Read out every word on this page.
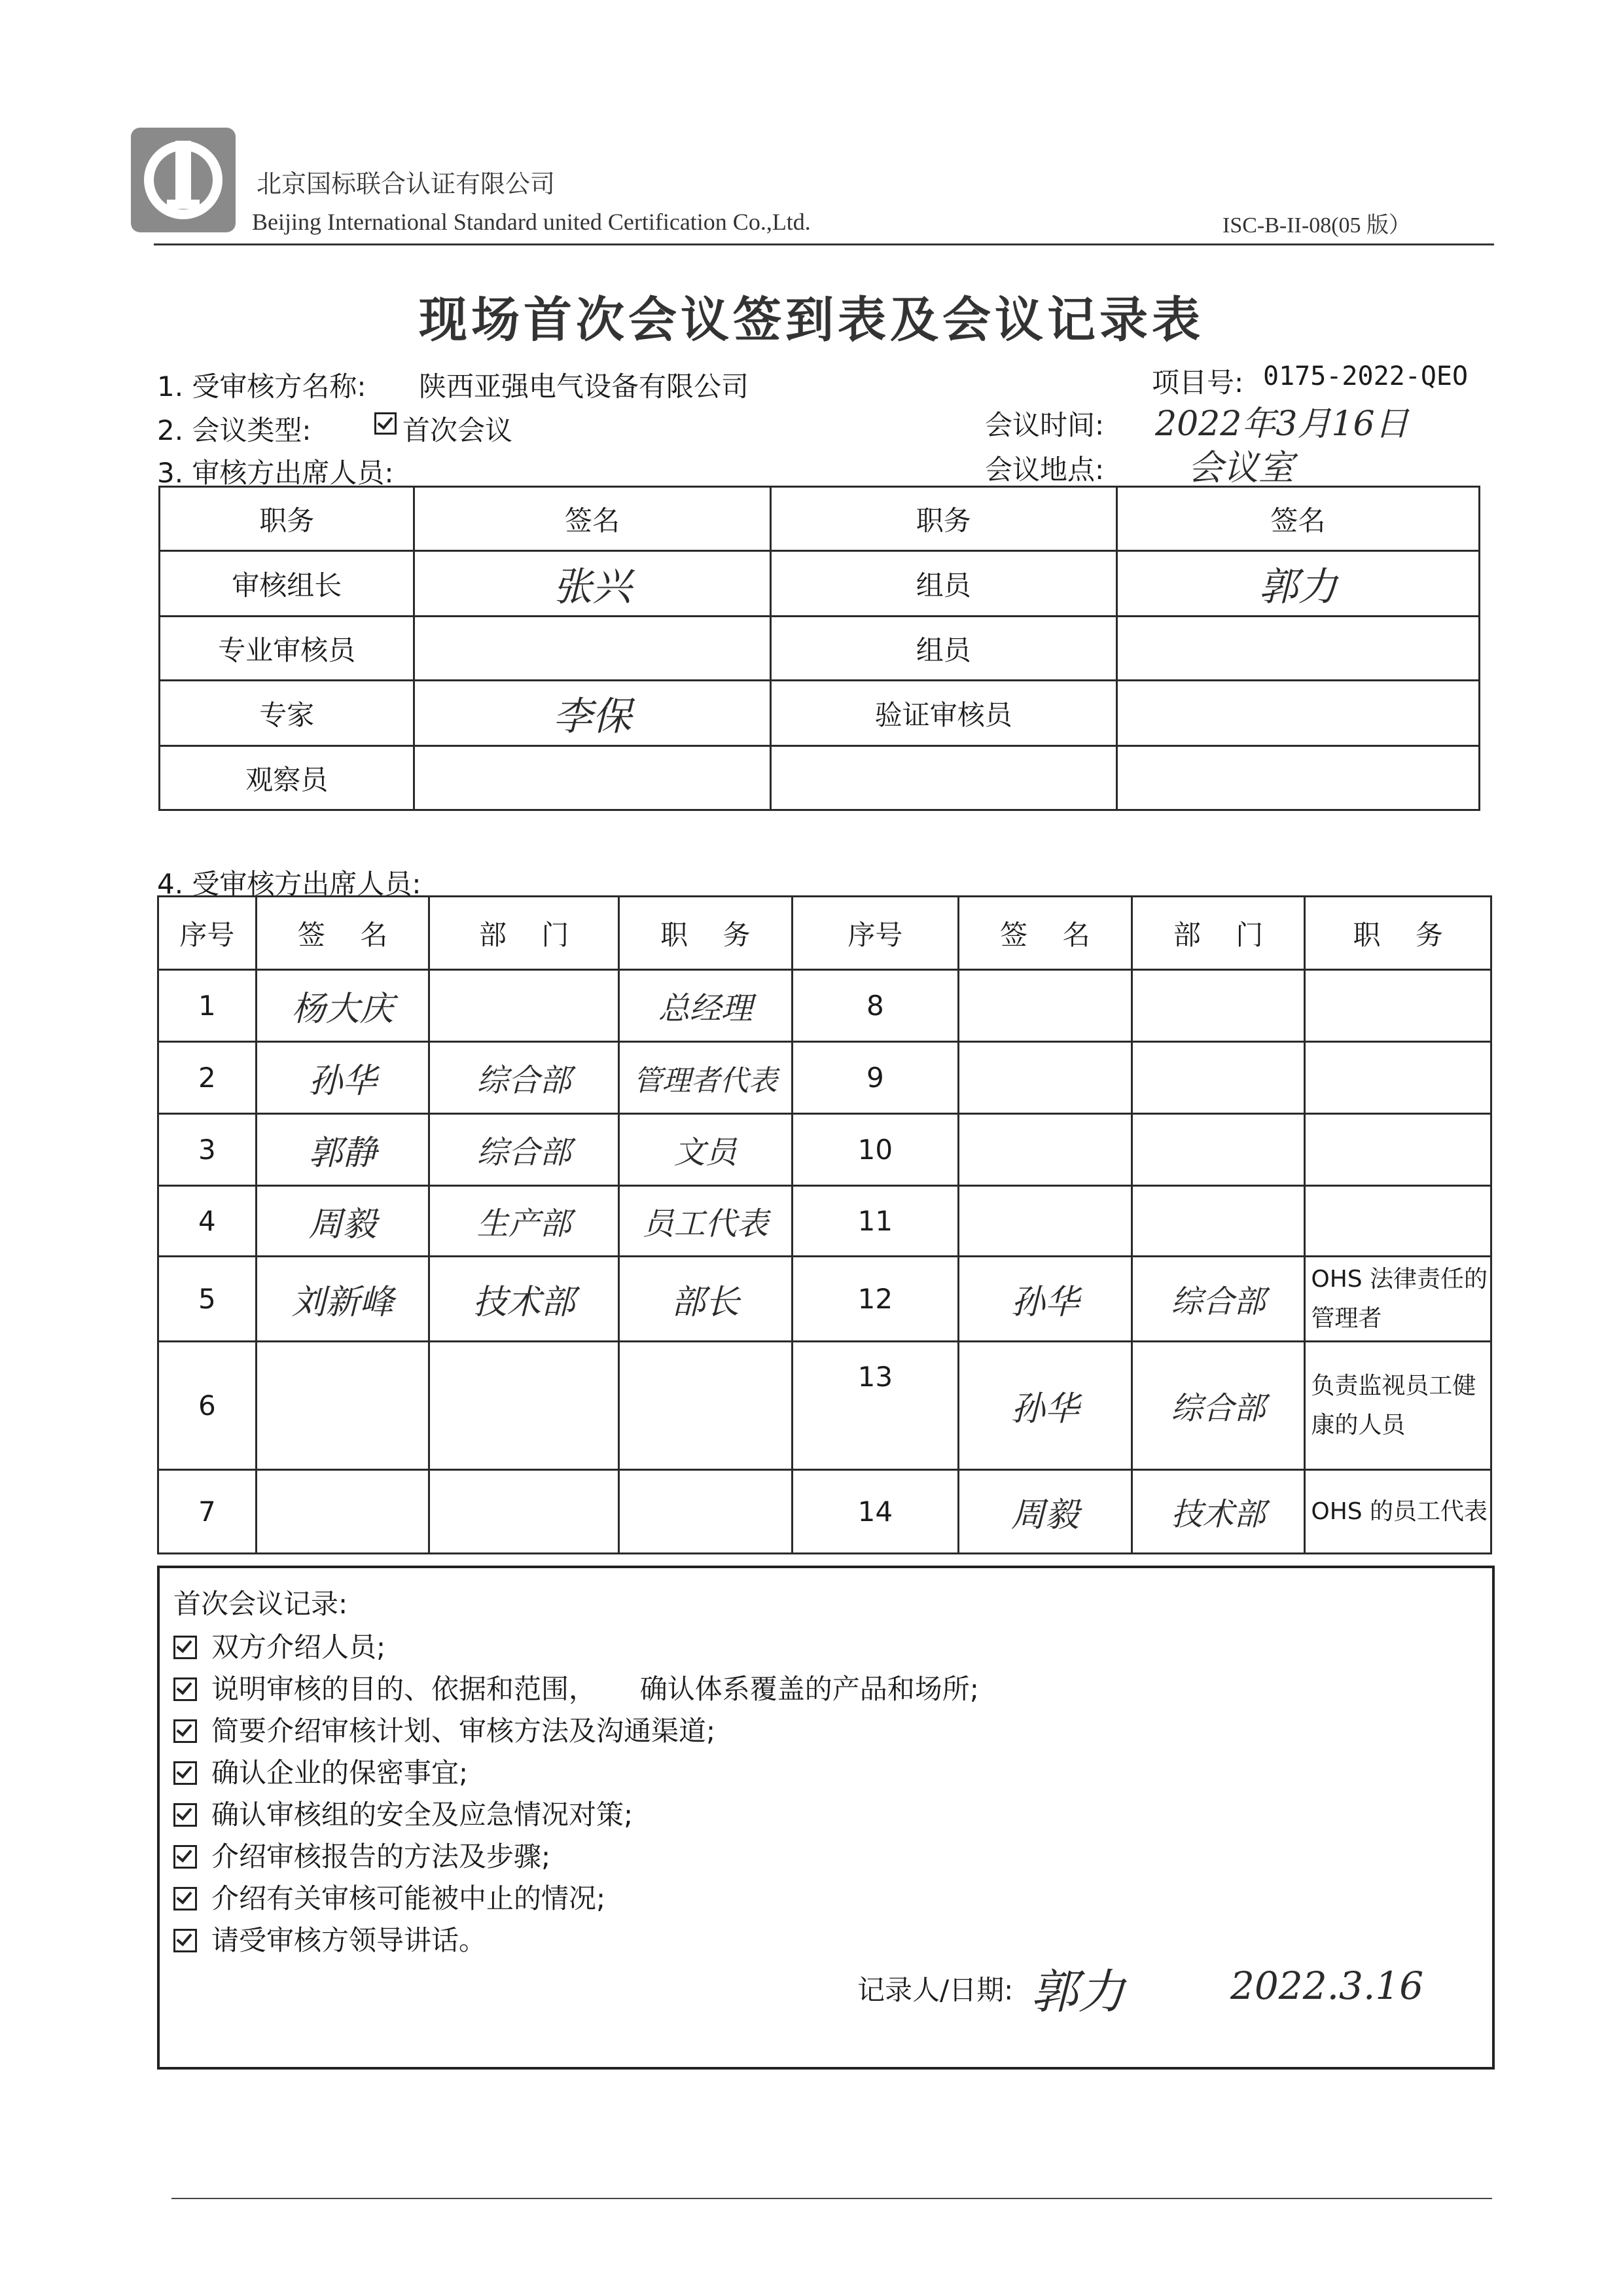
北京国标联合认证有限公司
Beijing International Standard united Certification Co.,Ltd.	ISC-B-II-08(05 版）
现场首次会议签到表及会议记录表
1. 受审核方名称: 陕西亚强电气设备有限公司	项目号: 0175-2022-QEO
2. 会议类型:	首次会议	会议时间: 2022年3月16日
3. 审核方出席人员:	会议地点: 会议室
职务	签名	职务	签名
审核组长	张兴	组员	郭力
专业审核员		组员	
专家	李保	验证审核员	
观察员			
4. 受审核方出席人员:
序号	签    名	部    门	职    务	序号	签    名	部    门	职    务
1	杨大庆		总经理	8			
2	孙华	综合部	管理者代表	9			
3	郭静	综合部	文员	10			
4	周毅	生产部	员工代表	11			
5	刘新峰	技术部	部长	12	孙华	综合部	OHS 法律责任的管理者
6				13	孙华	综合部	负责监视员工健康的人员
7				14	周毅	技术部	OHS 的员工代表
首次会议记录:
双方介绍人员;
说明审核的目的、依据和范围，     确认体系覆盖的产品和场所;
简要介绍审核计划、审核方法及沟通渠道;
确认企业的保密事宜;
确认审核组的安全及应急情况对策;
介绍审核报告的方法及步骤;
介绍有关审核可能被中止的情况;
请受审核方领导讲话。
记录人/日期: 郭力	2022.3.16
